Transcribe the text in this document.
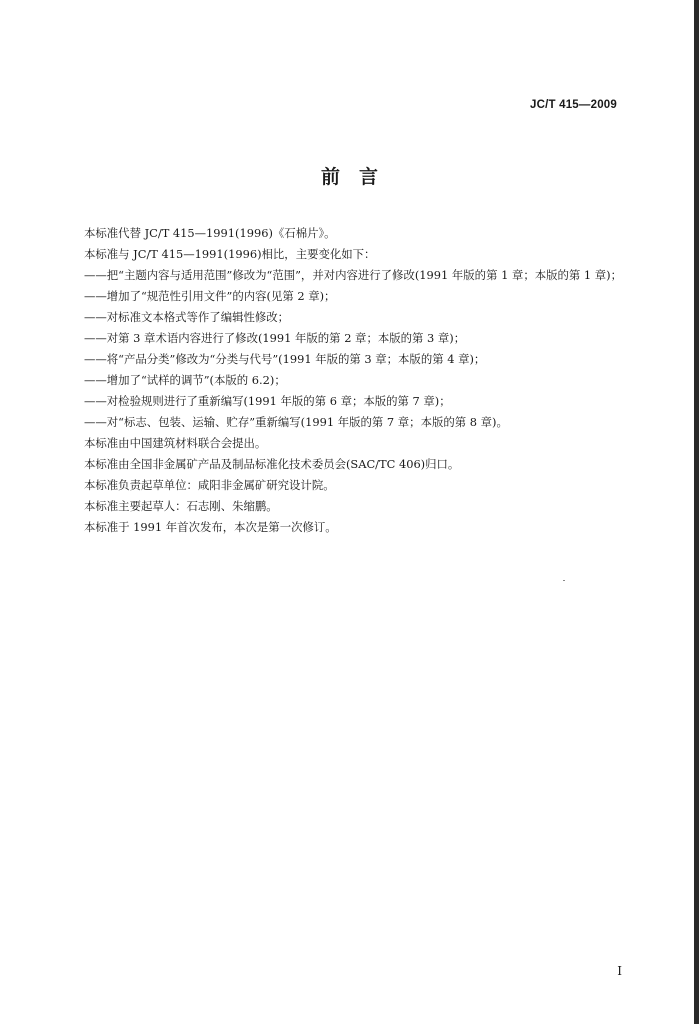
JC/T 415—2009
前　言

本标准代替 JC/T 415—1991(1996)《石棉片》。

本标准与 JC/T 415—1991(1996)相比，主要变化如下：

——把“主题内容与适用范围”修改为“范围”，并对内容进行了修改(1991 年版的第 1 章；本版的第 1 章)；

——增加了“规范性引用文件”的内容(见第 2 章)；

——对标准文本格式等作了编辑性修改；

——对第 3 章术语内容进行了修改(1991 年版的第 2 章；本版的第 3 章)；

——将“产品分类”修改为“分类与代号”(1991 年版的第 3 章；本版的第 4 章)；

——增加了“试样的调节”(本版的 6.2)；

——对检验规则进行了重新编写(1991 年版的第 6 章；本版的第 7 章)；

——对“标志、包装、运输、贮存”重新编写(1991 年版的第 7 章；本版的第 8 章)。

本标准由中国建筑材料联合会提出。

本标准由全国非金属矿产品及制品标准化技术委员会(SAC/TC 406)归口。

本标准负责起草单位：咸阳非金属矿研究设计院。

本标准主要起草人：石志刚、朱缩鹏。

本标准于 1991 年首次发布，本次是第一次修订。

I
